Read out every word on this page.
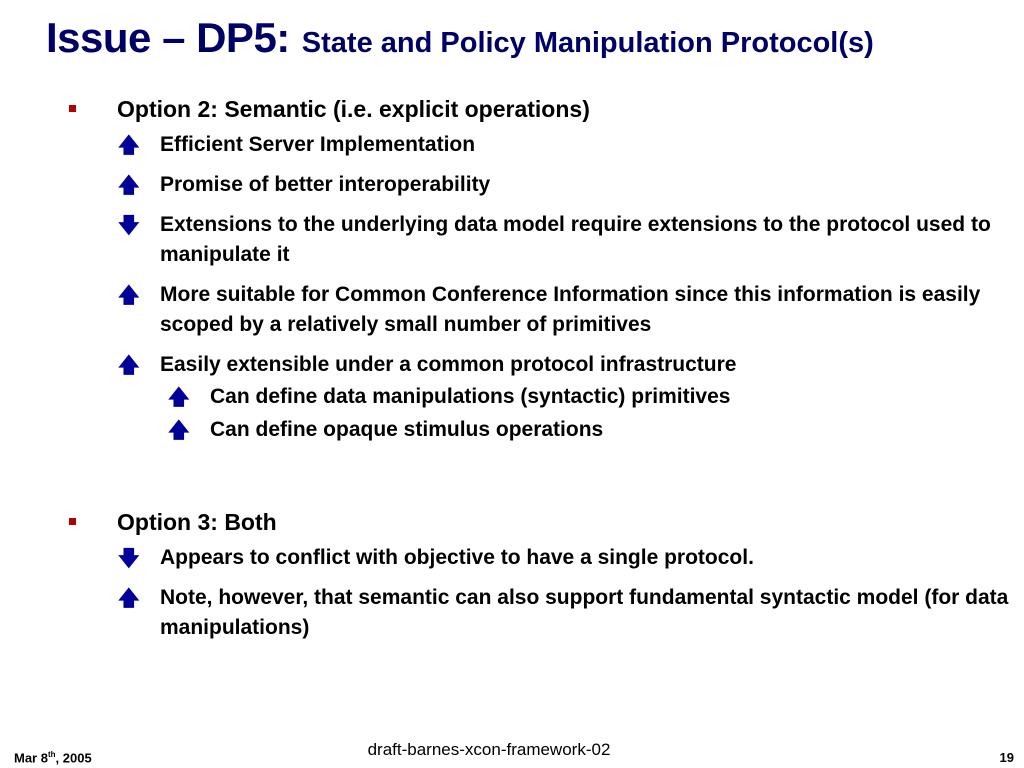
Issue – DP5: State and Policy Manipulation Protocol(s)
Option 2: Semantic (i.e. explicit operations)
🡅 Efficient Server Implementation
🡅 Promise of better interoperability
🡇 Extensions to the underlying data model require extensions to the protocol used to manipulate it
🡅 More suitable for Common Conference Information since this information is easily scoped by a relatively small number of primitives
🡅 Easily extensible under a common protocol infrastructure
🡅 Can define data manipulations (syntactic) primitives
🡅 Can define opaque stimulus operations
Option 3: Both
🡇 Appears to conflict with objective to have a single protocol.
🡅 Note, however, that semantic can also support fundamental syntactic model (for data manipulations)
Mar 8th, 2005	draft-barnes-xcon-framework-02	19
